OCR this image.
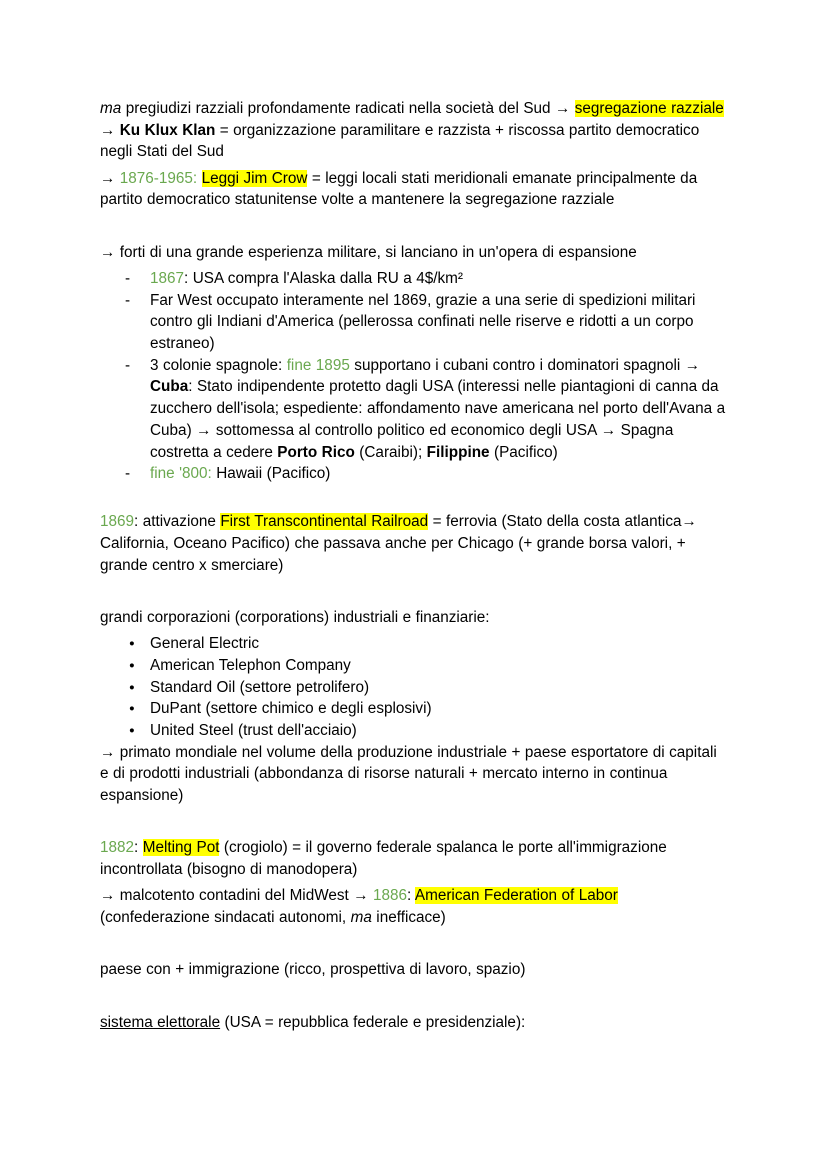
ma pregiudizi razziali profondamente radicati nella società del Sud → segregazione razziale → Ku Klux Klan = organizzazione paramilitare e razzista + riscossa partito democratico negli Stati del Sud
→ 1876-1965: Leggi Jim Crow = leggi locali stati meridionali emanate principalmente da partito democratico statunitense volte a mantenere la segregazione razziale

→ forti di una grande esperienza militare, si lanciano in un'opera di espansione
- 1867: USA compra l'Alaska dalla RU a 4$/km²
- Far West occupato interamente nel 1869, grazie a una serie di spedizioni militari contro gli Indiani d'America (pellerossa confinati nelle riserve e ridotti a un corpo estraneo)
- 3 colonie spagnole: fine 1895 supportano i cubani contro i dominatori spagnoli → Cuba: Stato indipendente protetto dagli USA (interessi nelle piantagioni di canna da zucchero dell'isola; espediente: affondamento nave americana nel porto dell'Avana a Cuba) → sottomessa al controllo politico ed economico degli USA → Spagna costretta a cedere Porto Rico (Caraibi); Filippine (Pacifico)
- fine '800: Hawaii (Pacifico)

1869: attivazione First Transcontinental Railroad = ferrovia (Stato della costa atlantica→ California, Oceano Pacifico) che passava anche per Chicago (+ grande borsa valori, + grande centro x smerciare)

grandi corporazioni (corporations) industriali e finanziarie:
● General Electric
● American Telephon Company
● Standard Oil (settore petrolifero)
● DuPant (settore chimico e degli esplosivi)
● United Steel (trust dell'acciaio)
→ primato mondiale nel volume della produzione industriale + paese esportatore di capitali e di prodotti industriali (abbondanza di risorse naturali + mercato interno in continua espansione)

1882: Melting Pot (crogiolo) = il governo federale spalanca le porte all'immigrazione incontrollata (bisogno di manodopera)
→ malcotento contadini del MidWest → 1886: American Federation of Labor (confederazione sindacati autonomi, ma inefficace)

paese con + immigrazione (ricco, prospettiva di lavoro, spazio)

sistema elettorale (USA = repubblica federale e presidenziale):
